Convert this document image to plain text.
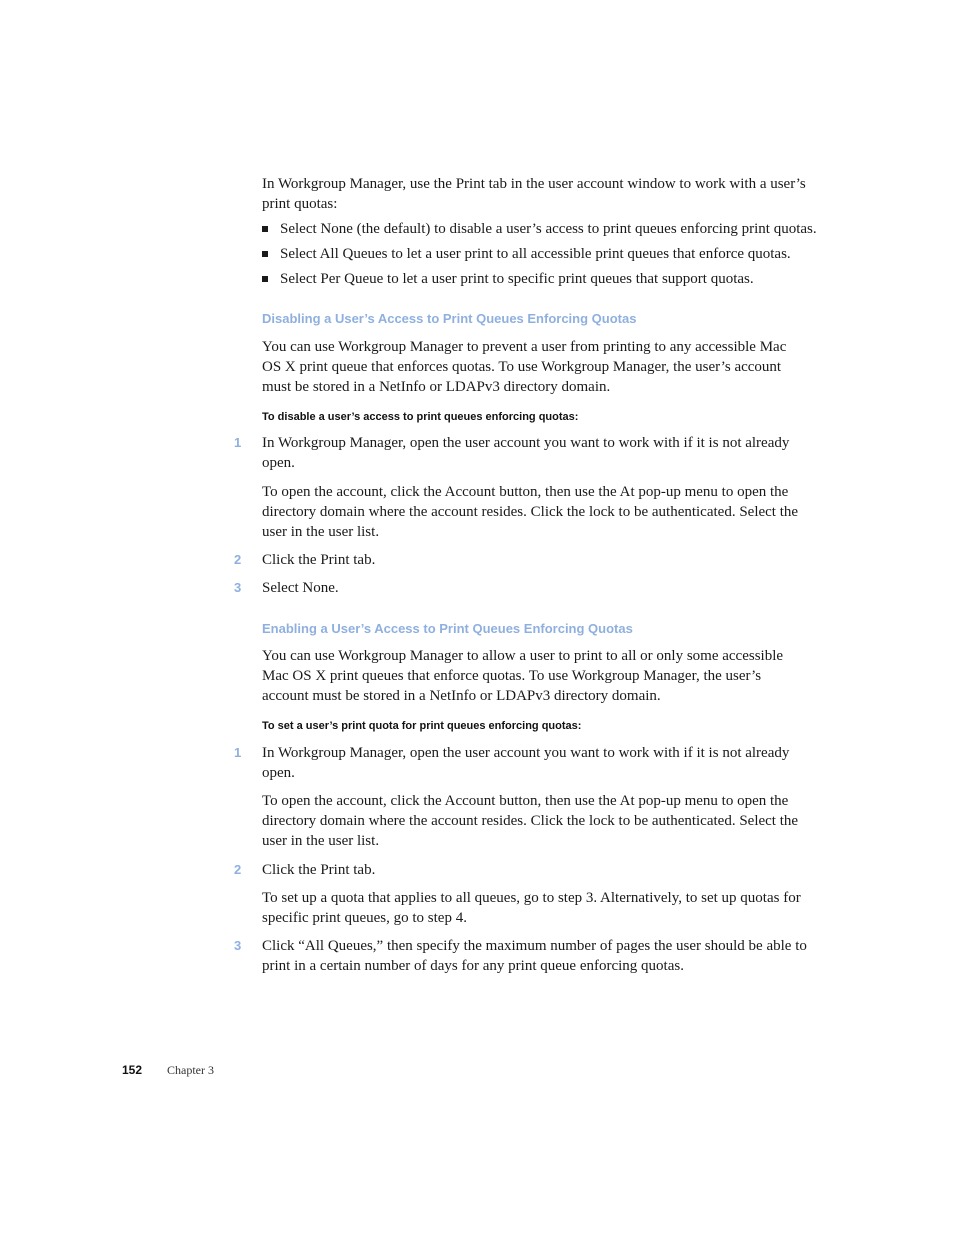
In Workgroup Manager, use the Print tab in the user account window to work with a user’s print quotas:

Select None (the default) to disable a user’s access to print queues enforcing print quotas.
Select All Queues to let a user print to all accessible print queues that enforce quotas.
Select Per Queue to let a user print to specific print queues that support quotas.
Disabling a User’s Access to Print Queues Enforcing Quotas

You can use Workgroup Manager to prevent a user from printing to any accessible Mac OS X print queue that enforces quotas. To use Workgroup Manager, the user’s account must be stored in a NetInfo or LDAPv3 directory domain.

To disable a user’s access to print queues enforcing quotas:
1	In Workgroup Manager, open the user account you want to work with if it is not already open.

To open the account, click the Account button, then use the At pop-up menu to open the directory domain where the account resides. Click the lock to be authenticated. Select the user in the user list.

2	Click the Print tab.

3	Select None.

Enabling a User’s Access to Print Queues Enforcing Quotas

You can use Workgroup Manager to allow a user to print to all or only some accessible Mac OS X print queues that enforce quotas. To use Workgroup Manager, the user’s account must be stored in a NetInfo or LDAPv3 directory domain.

To set a user’s print quota for print queues enforcing quotas:
1	In Workgroup Manager, open the user account you want to work with if it is not already open.

To open the account, click the Account button, then use the At pop-up menu to open the directory domain where the account resides. Click the lock to be authenticated. Select the user in the user list.

2	Click the Print tab.

To set up a quota that applies to all queues, go to step 3. Alternatively, to set up quotas for specific print queues, go to step 4.

3	Click “All Queues,” then specify the maximum number of pages the user should be able to print in a certain number of days for any print queue enforcing quotas.

152 Chapter 3
